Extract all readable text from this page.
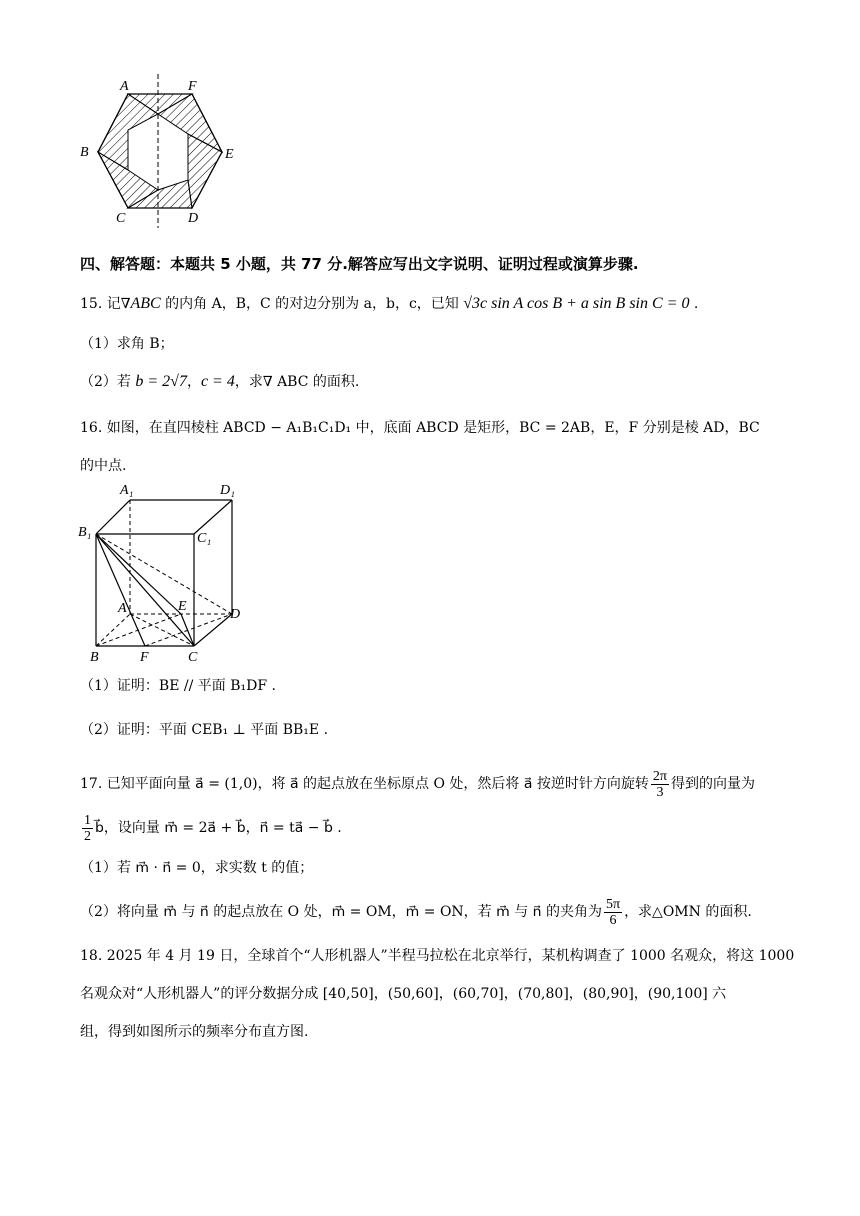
A	F
B	E
C	D
四、解答题：本题共 5 小题，共 77 分.解答应写出文字说明、证明过程或演算步骤.
15. 记∇ABC 的内角 A，B，C 的对边分别为 a，b，c，已知 √3c sin A cos B + a sin B sin C = 0 .
（1）求角 B；
（2）若 b = 2√7，c = 4，求∇ ABC 的面积.
16. 如图，在直四棱柱 ABCD − A₁B₁C₁D₁ 中，底面 ABCD 是矩形，BC = 2AB，E，F 分别是棱 AD，BC
的中点.
A₁	D₁
B₁	C₁
A	E
D
B	F	C
（1）证明：BE // 平面 B₁DF .
（2）证明：平面 CEB₁ ⊥ 平面 BB₁E .
17. 已知平面向量 a⃗ = (1,0)，将 a⃗ 的起点放在坐标原点 O 处，然后将 a⃗ 按逆时针方向旋转 $\frac{2\pi}{3}$ 得到的向量为
$\frac{1}{2}$ b⃗，设向量 m⃗ = 2a⃗ + b⃗，n⃗ = ta⃗ − b⃗ .
（1）若 m⃗ · n⃗ = 0，求实数 t 的值；
（2）将向量 m⃗ 与 n⃗ 的起点放在 O 处，m⃗ = OM，m⃗ = ON，若 m⃗ 与 n⃗ 的夹角为 $\frac{5\pi}{6}$ ，求△OMN 的面积.
18. 2025 年 4 月 19 日，全球首个“人形机器人”半程马拉松在北京举行，某机构调查了 1000 名观众，将这 1000
名观众对“人形机器人”的评分数据分成 [40,50]，(50,60]，(60,70]，(70,80]，(80,90]，(90,100] 六
组，得到如图所示的频率分布直方图.
